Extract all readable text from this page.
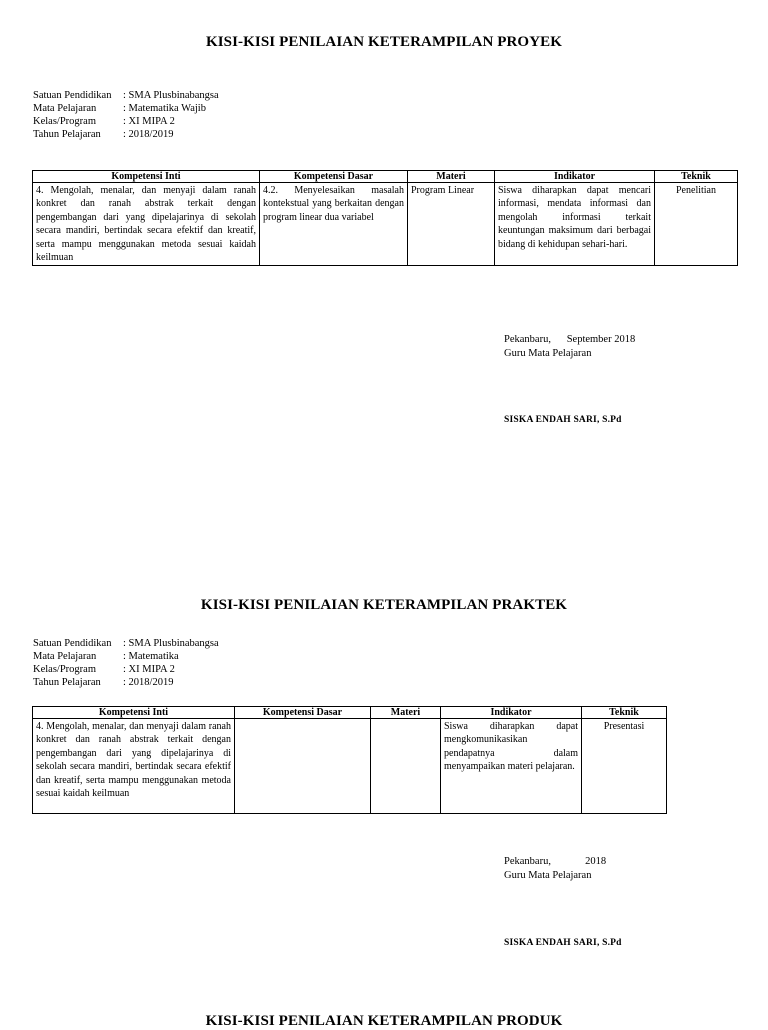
KISI-KISI PENILAIAN KETERAMPILAN PROYEK
Satuan Pendidikan	: SMA Plusbinabangsa
Mata Pelajaran	: Matematika Wajib
Kelas/Program	: XI MIPA 2
Tahun Pelajaran	: 2018/2019
Kompetensi Inti	Kompetensi Dasar	Materi	Indikator	Teknik
4. Mengolah, menalar, dan menyaji dalam ranah konkret dan ranah abstrak terkait dengan pengembangan dari yang dipelajarinya di sekolah secara mandiri, bertindak secara efektif dan kreatif, serta mampu menggunakan metoda sesuai kaidah keilmuan	4.2. Menyelesaikan masalah kontekstual yang berkaitan dengan program linear dua variabel	Program Linear	Siswa diharapkan dapat mencari informasi, mendata informasi dan mengolah informasi terkait keuntungan maksimum dari berbagai bidang di kehidupan sehari-hari.	Penelitian
Pekanbaru,      September 2018
Guru Mata Pelajaran
SISKA ENDAH SARI, S.Pd
KISI-KISI PENILAIAN KETERAMPILAN PRAKTEK
Satuan Pendidikan	: SMA Plusbinabangsa
Mata Pelajaran	: Matematika
Kelas/Program	: XI MIPA 2
Tahun Pelajaran	: 2018/2019
Kompetensi Inti	Kompetensi Dasar	Materi	Indikator	Teknik
4. Mengolah, menalar, dan menyaji dalam ranah konkret dan ranah abstrak terkait dengan pengembangan dari yang dipelajarinya di sekolah secara mandiri, bertindak secara efektif dan kreatif, serta mampu menggunakan metoda sesuai kaidah keilmuan			Siswa diharapkan dapat mengkomunikasikan pendapatnya dalam menyampaikan materi pelajaran.	Presentasi
Pekanbaru,             2018
Guru Mata Pelajaran
SISKA ENDAH SARI, S.Pd
KISI-KISI PENILAIAN KETERAMPILAN PRODUK
